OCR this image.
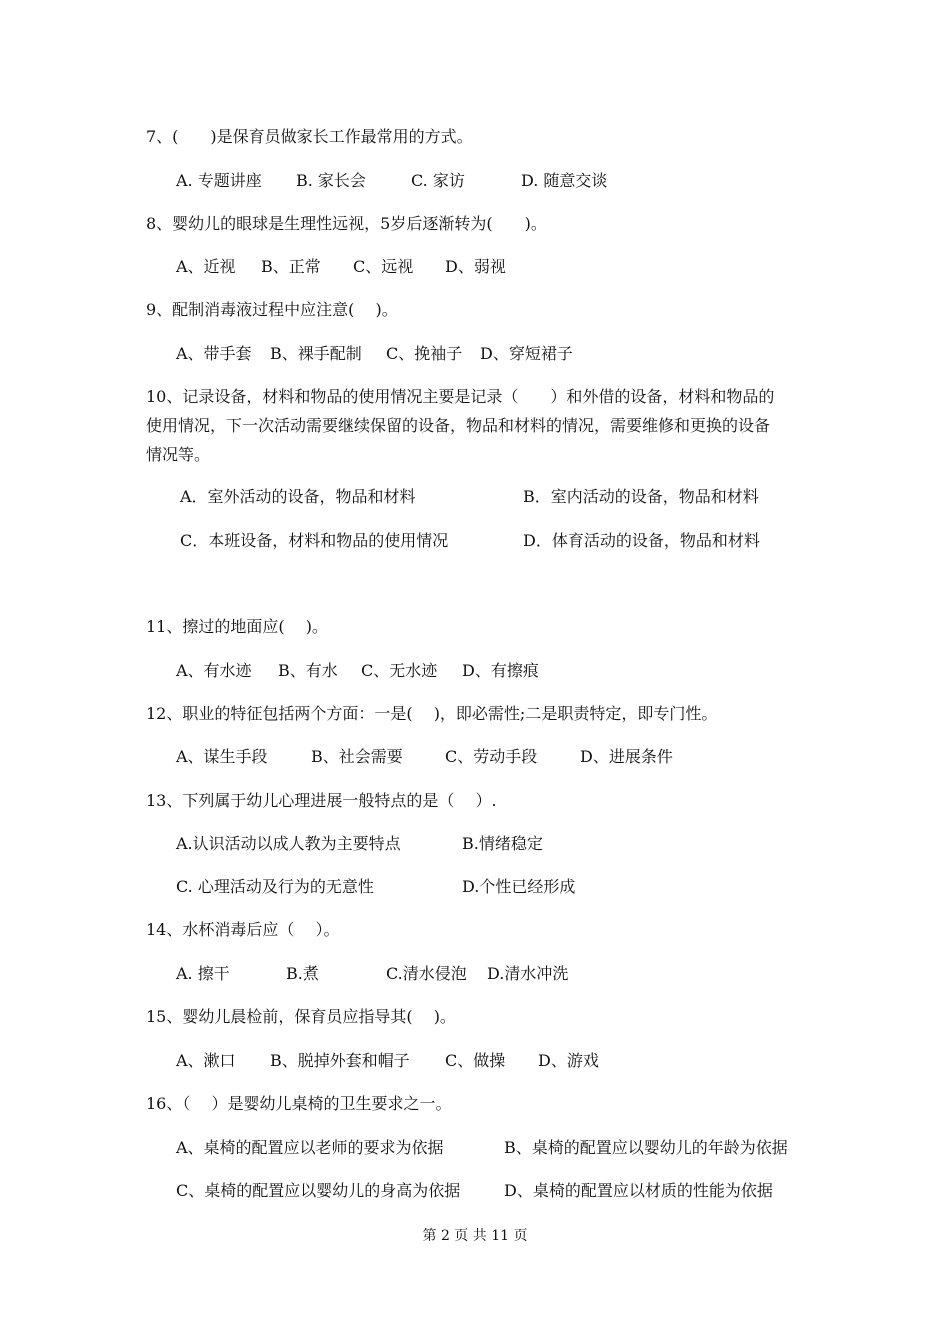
7、(　　)是保育员做家长工作最常用的方式。
A. 专题讲座 B. 家长会	C. 家访	D. 随意交谈
8、婴幼儿的眼球是生理性远视，5岁后逐渐转为(　　)。
A、近视 B、正常 C、远视 D、弱视
9、配制消毒液过程中应注意(　 )。
A、带手套 B、裸手配制 C、挽袖子 D、穿短裙子
10、记录设备，材料和物品的使用情况主要是记录（　　）和外借的设备，材料和物品的
使用情况，下一次活动需要继续保留的设备，物品和材料的情况，需要维修和更换的设备
情况等。
A．室外活动的设备，物品和材料	B．室内活动的设备，物品和材料
C．本班设备，材料和物品的使用情况	D．体育活动的设备，物品和材料
11、擦过的地面应(　 )。
A、有水迹 B、有水 C、无水迹 D、有擦痕
12、职业的特征包括两个方面：一是(　 )，即必需性;二是职责特定，即专门性。
A、谋生手段	B、社会需要	C、劳动手段	D、进展条件
13、下列属于幼儿心理进展一般特点的是（　 ）.
A.认识活动以成人教为主要特点	B.情绪稳定
C. 心理活动及行为的无意性	D.个性已经形成
14、水杯消毒后应（　 ）。
A. 擦干	B.煮	C.清水侵泡 D.清水冲洗
15、婴幼儿晨检前，保育员应指导其(　 )。
A、漱口 B、脱掉外套和帽子 C、做操 D、游戏
16、（　 ）是婴幼儿桌椅的卫生要求之一。
A、桌椅的配置应以老师的要求为依据	B、桌椅的配置应以婴幼儿的年龄为依据
C、桌椅的配置应以婴幼儿的身高为依据	D、桌椅的配置应以材质的性能为依据
第 2 页 共 11 页
